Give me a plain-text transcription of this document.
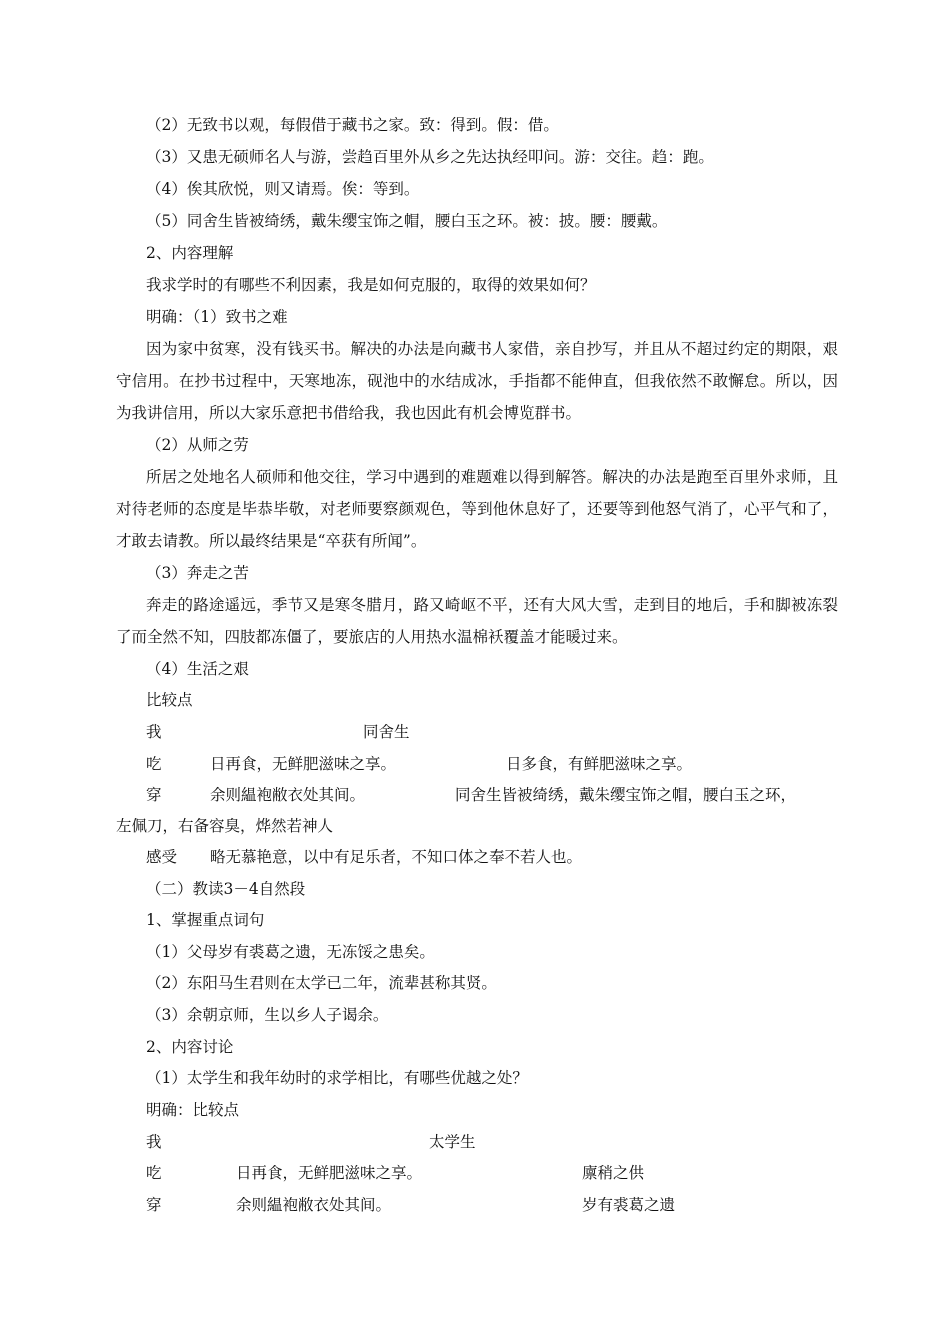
（2）无致书以观，每假借于藏书之家。致：得到。假：借。
（3）又患无硕师名人与游，尝趋百里外从乡之先达执经叩问。游：交往。趋：跑。
（4）俟其欣悦，则又请焉。俟：等到。
（5）同舍生皆被绮绣，戴朱缨宝饰之帽，腰白玉之环。被：披。腰：腰戴。
2、内容理解
我求学时的有哪些不利因素，我是如何克服的，取得的效果如何？
明确：（1）致书之难
因为家中贫寒，没有钱买书。解决的办法是向藏书人家借，亲自抄写，并且从不超过约定的期限，艰守信用。在抄书过程中，天寒地冻，砚池中的水结成冰，手指都不能伸直，但我依然不敢懈怠。所以，因为我讲信用，所以大家乐意把书借给我，我也因此有机会博览群书。
（2）从师之劳
所居之处地名人硕师和他交往，学习中遇到的难题难以得到解答。解决的办法是跑至百里外求师，且对待老师的态度是毕恭毕敬，对老师要察颜观色，等到他休息好了，还要等到他怒气消了，心平气和了，才敢去请教。所以最终结果是“卒获有所闻”。
（3）奔走之苦
奔走的路途遥远，季节又是寒冬腊月，路又崎岖不平，还有大风大雪，走到目的地后，手和脚被冻裂了而全然不知，四肢都冻僵了，要旅店的人用热水温棉袄覆盖才能暖过来。
（4）生活之艰
比较点
我	同舍生
吃	日再食，无鲜肥滋味之享。	日多食，有鲜肥滋味之享。
穿	余则緼袍敝衣处其间。	同舍生皆被绮绣，戴朱缨宝饰之帽，腰白玉之环，
左佩刀，右备容臭，烨然若神人
感受 略无慕艳意，以中有足乐者，不知口体之奉不若人也。
（二）教读3－4自然段
1、掌握重点词句
（1）父母岁有裘葛之遗，无冻馁之患矣。
（2）东阳马生君则在太学已二年，流辈甚称其贤。
（3）余朝京师，生以乡人子谒余。
2、内容讨论
（1）太学生和我年幼时的求学相比，有哪些优越之处？
明确：比较点
我	太学生
吃	日再食，无鲜肥滋味之享。	廪稍之供
穿	余则緼袍敝衣处其间。	岁有裘葛之遗
